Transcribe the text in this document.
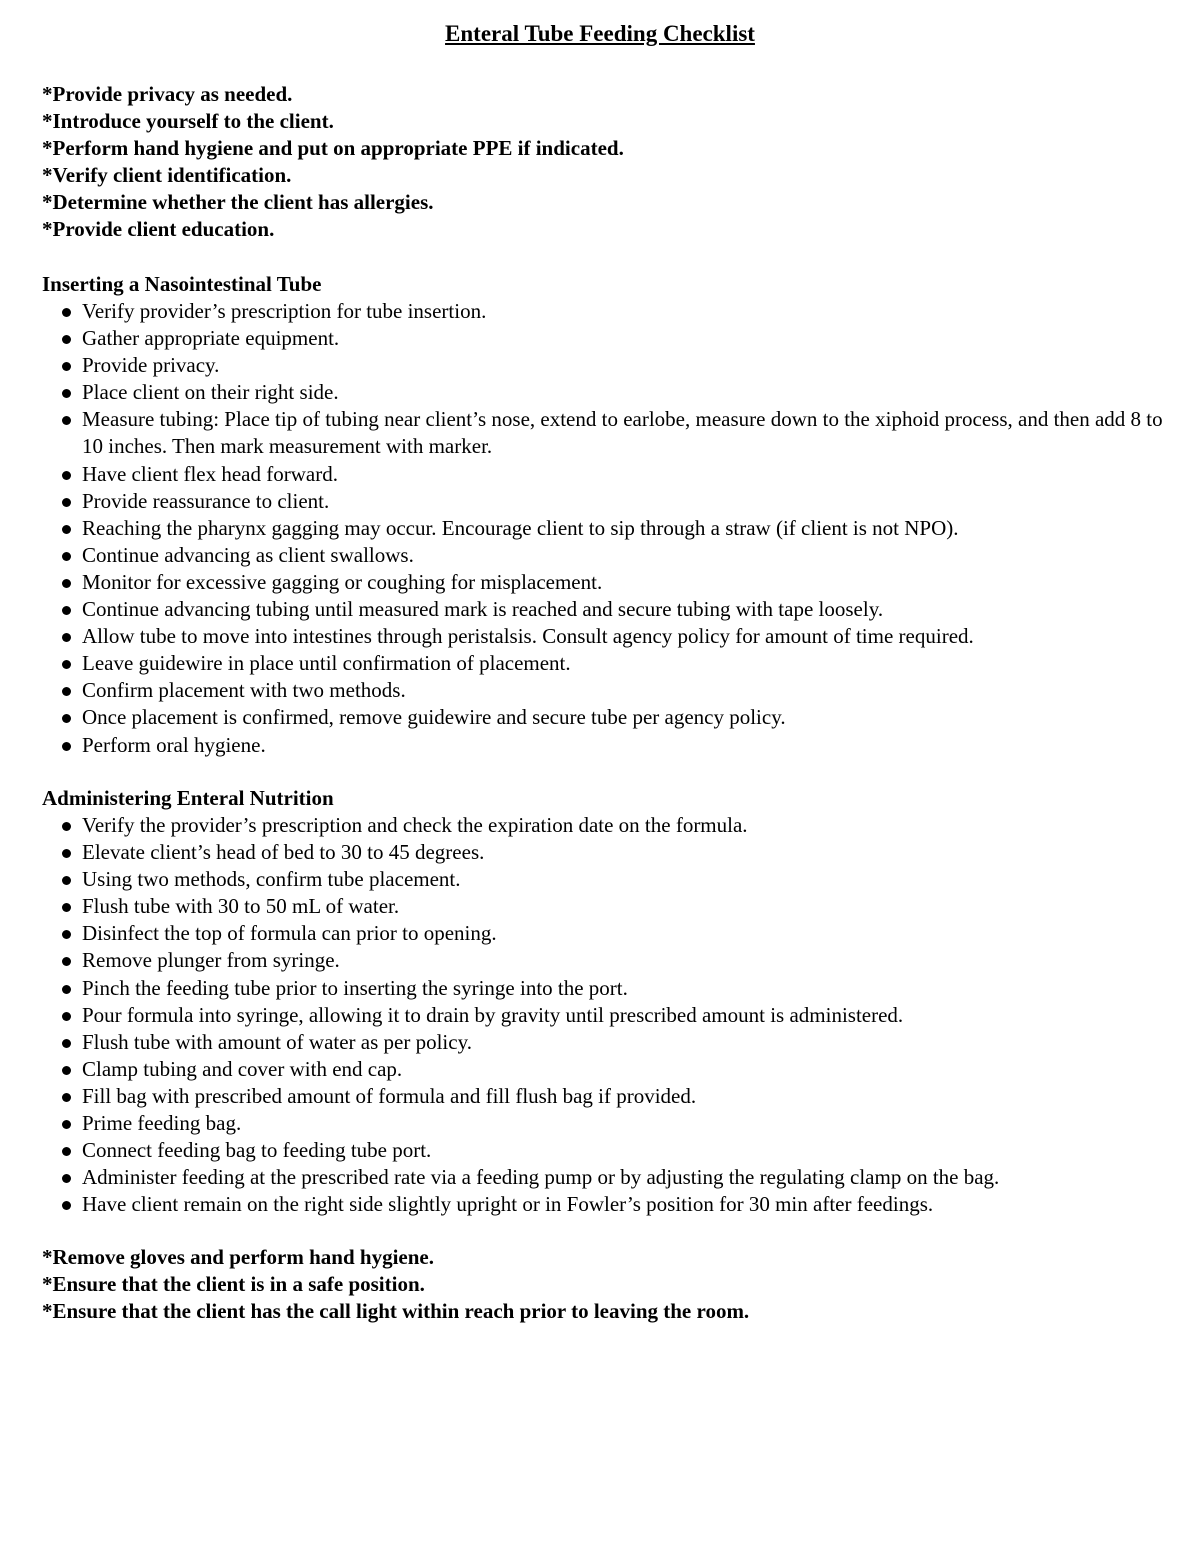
Enteral Tube Feeding Checklist
*Provide privacy as needed.
*Introduce yourself to the client.
*Perform hand hygiene and put on appropriate PPE if indicated.
*Verify client identification.
*Determine whether the client has allergies.
*Provide client education.
Inserting a Nasointestinal Tube
Verify provider’s prescription for tube insertion.
Gather appropriate equipment.
Provide privacy.
Place client on their right side.
Measure tubing: Place tip of tubing near client’s nose, extend to earlobe, measure down to the xiphoid process, and then add 8 to 10 inches. Then mark measurement with marker.
Have client flex head forward.
Provide reassurance to client.
Reaching the pharynx gagging may occur. Encourage client to sip through a straw (if client is not NPO).
Continue advancing as client swallows.
Monitor for excessive gagging or coughing for misplacement.
Continue advancing tubing until measured mark is reached and secure tubing with tape loosely.
Allow tube to move into intestines through peristalsis. Consult agency policy for amount of time required.
Leave guidewire in place until confirmation of placement.
Confirm placement with two methods.
Once placement is confirmed, remove guidewire and secure tube per agency policy.
Perform oral hygiene.
Administering Enteral Nutrition
Verify the provider’s prescription and check the expiration date on the formula.
Elevate client’s head of bed to 30 to 45 degrees.
Using two methods, confirm tube placement.
Flush tube with 30 to 50 mL of water.
Disinfect the top of formula can prior to opening.
Remove plunger from syringe.
Pinch the feeding tube prior to inserting the syringe into the port.
Pour formula into syringe, allowing it to drain by gravity until prescribed amount is administered.
Flush tube with amount of water as per policy.
Clamp tubing and cover with end cap.
Fill bag with prescribed amount of formula and fill flush bag if provided.
Prime feeding bag.
Connect feeding bag to feeding tube port.
Administer feeding at the prescribed rate via a feeding pump or by adjusting the regulating clamp on the bag.
Have client remain on the right side slightly upright or in Fowler’s position for 30 min after feedings.
*Remove gloves and perform hand hygiene.
*Ensure that the client is in a safe position.
*Ensure that the client has the call light within reach prior to leaving the room.
